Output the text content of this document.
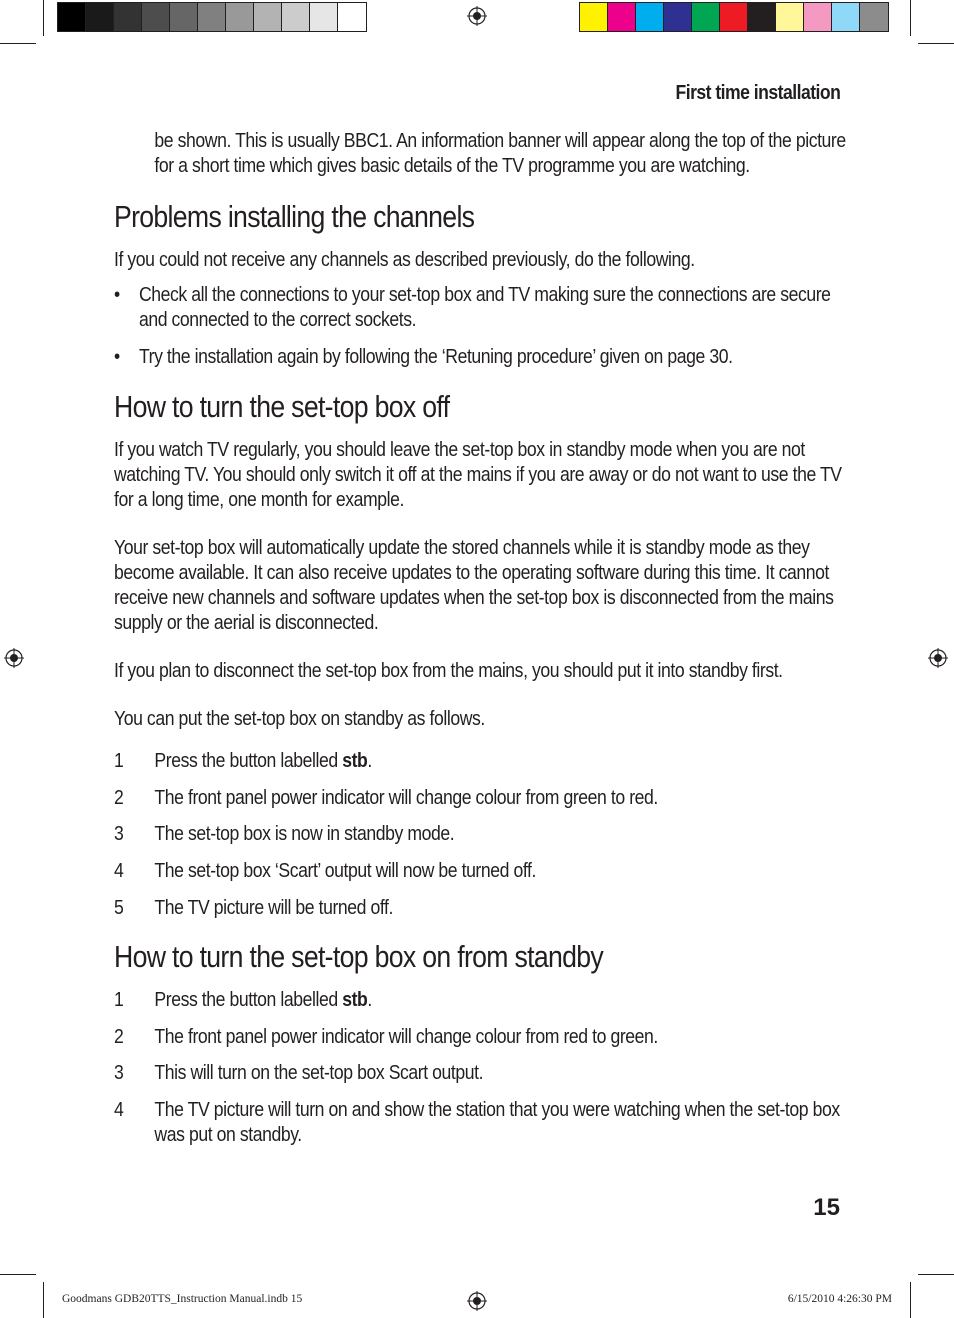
First time installation

be shown. This is usually BBC1. An information banner will appear along the top of the picture for a short time which gives basic details of the TV programme you are watching.

Problems installing the channels

If you could not receive any channels as described previously, do the following.

• Check all the connections to your set-top box and TV making sure the connections are secure and connected to the correct sockets.
• Try the installation again by following the ‘Retuning procedure’ given on page 30.
How to turn the set-top box off

If you watch TV regularly, you should leave the set-top box in standby mode when you are not watching TV. You should only switch it off at the mains if you are away or do not want to use the TV for a long time, one month for example.

Your set-top box will automatically update the stored channels while it is standby mode as they become available. It can also receive updates to the operating software during this time. It cannot receive new channels and software updates when the set-top box is disconnected from the mains supply or the aerial is disconnected.

If you plan to disconnect the set-top box from the mains, you should put it into standby first.

You can put the set-top box on standby as follows.

1	Press the button labelled stb.
2	The front panel power indicator will change colour from green to red.
3	The set-top box is now in standby mode.
4	The set-top box ‘Scart’ output will now be turned off.
5	The TV picture will be turned off.
How to turn the set-top box on from standby
1	Press the button labelled stb.
2	The front panel power indicator will change colour from red to green.
3	This will turn on the set-top box Scart output.
4	The TV picture will turn on and show the station that you were watching when the set-top box was put on standby.
15
Goodmans GDB20TTS_Instruction Manual.indb 15	6/15/2010 4:26:30 PM
